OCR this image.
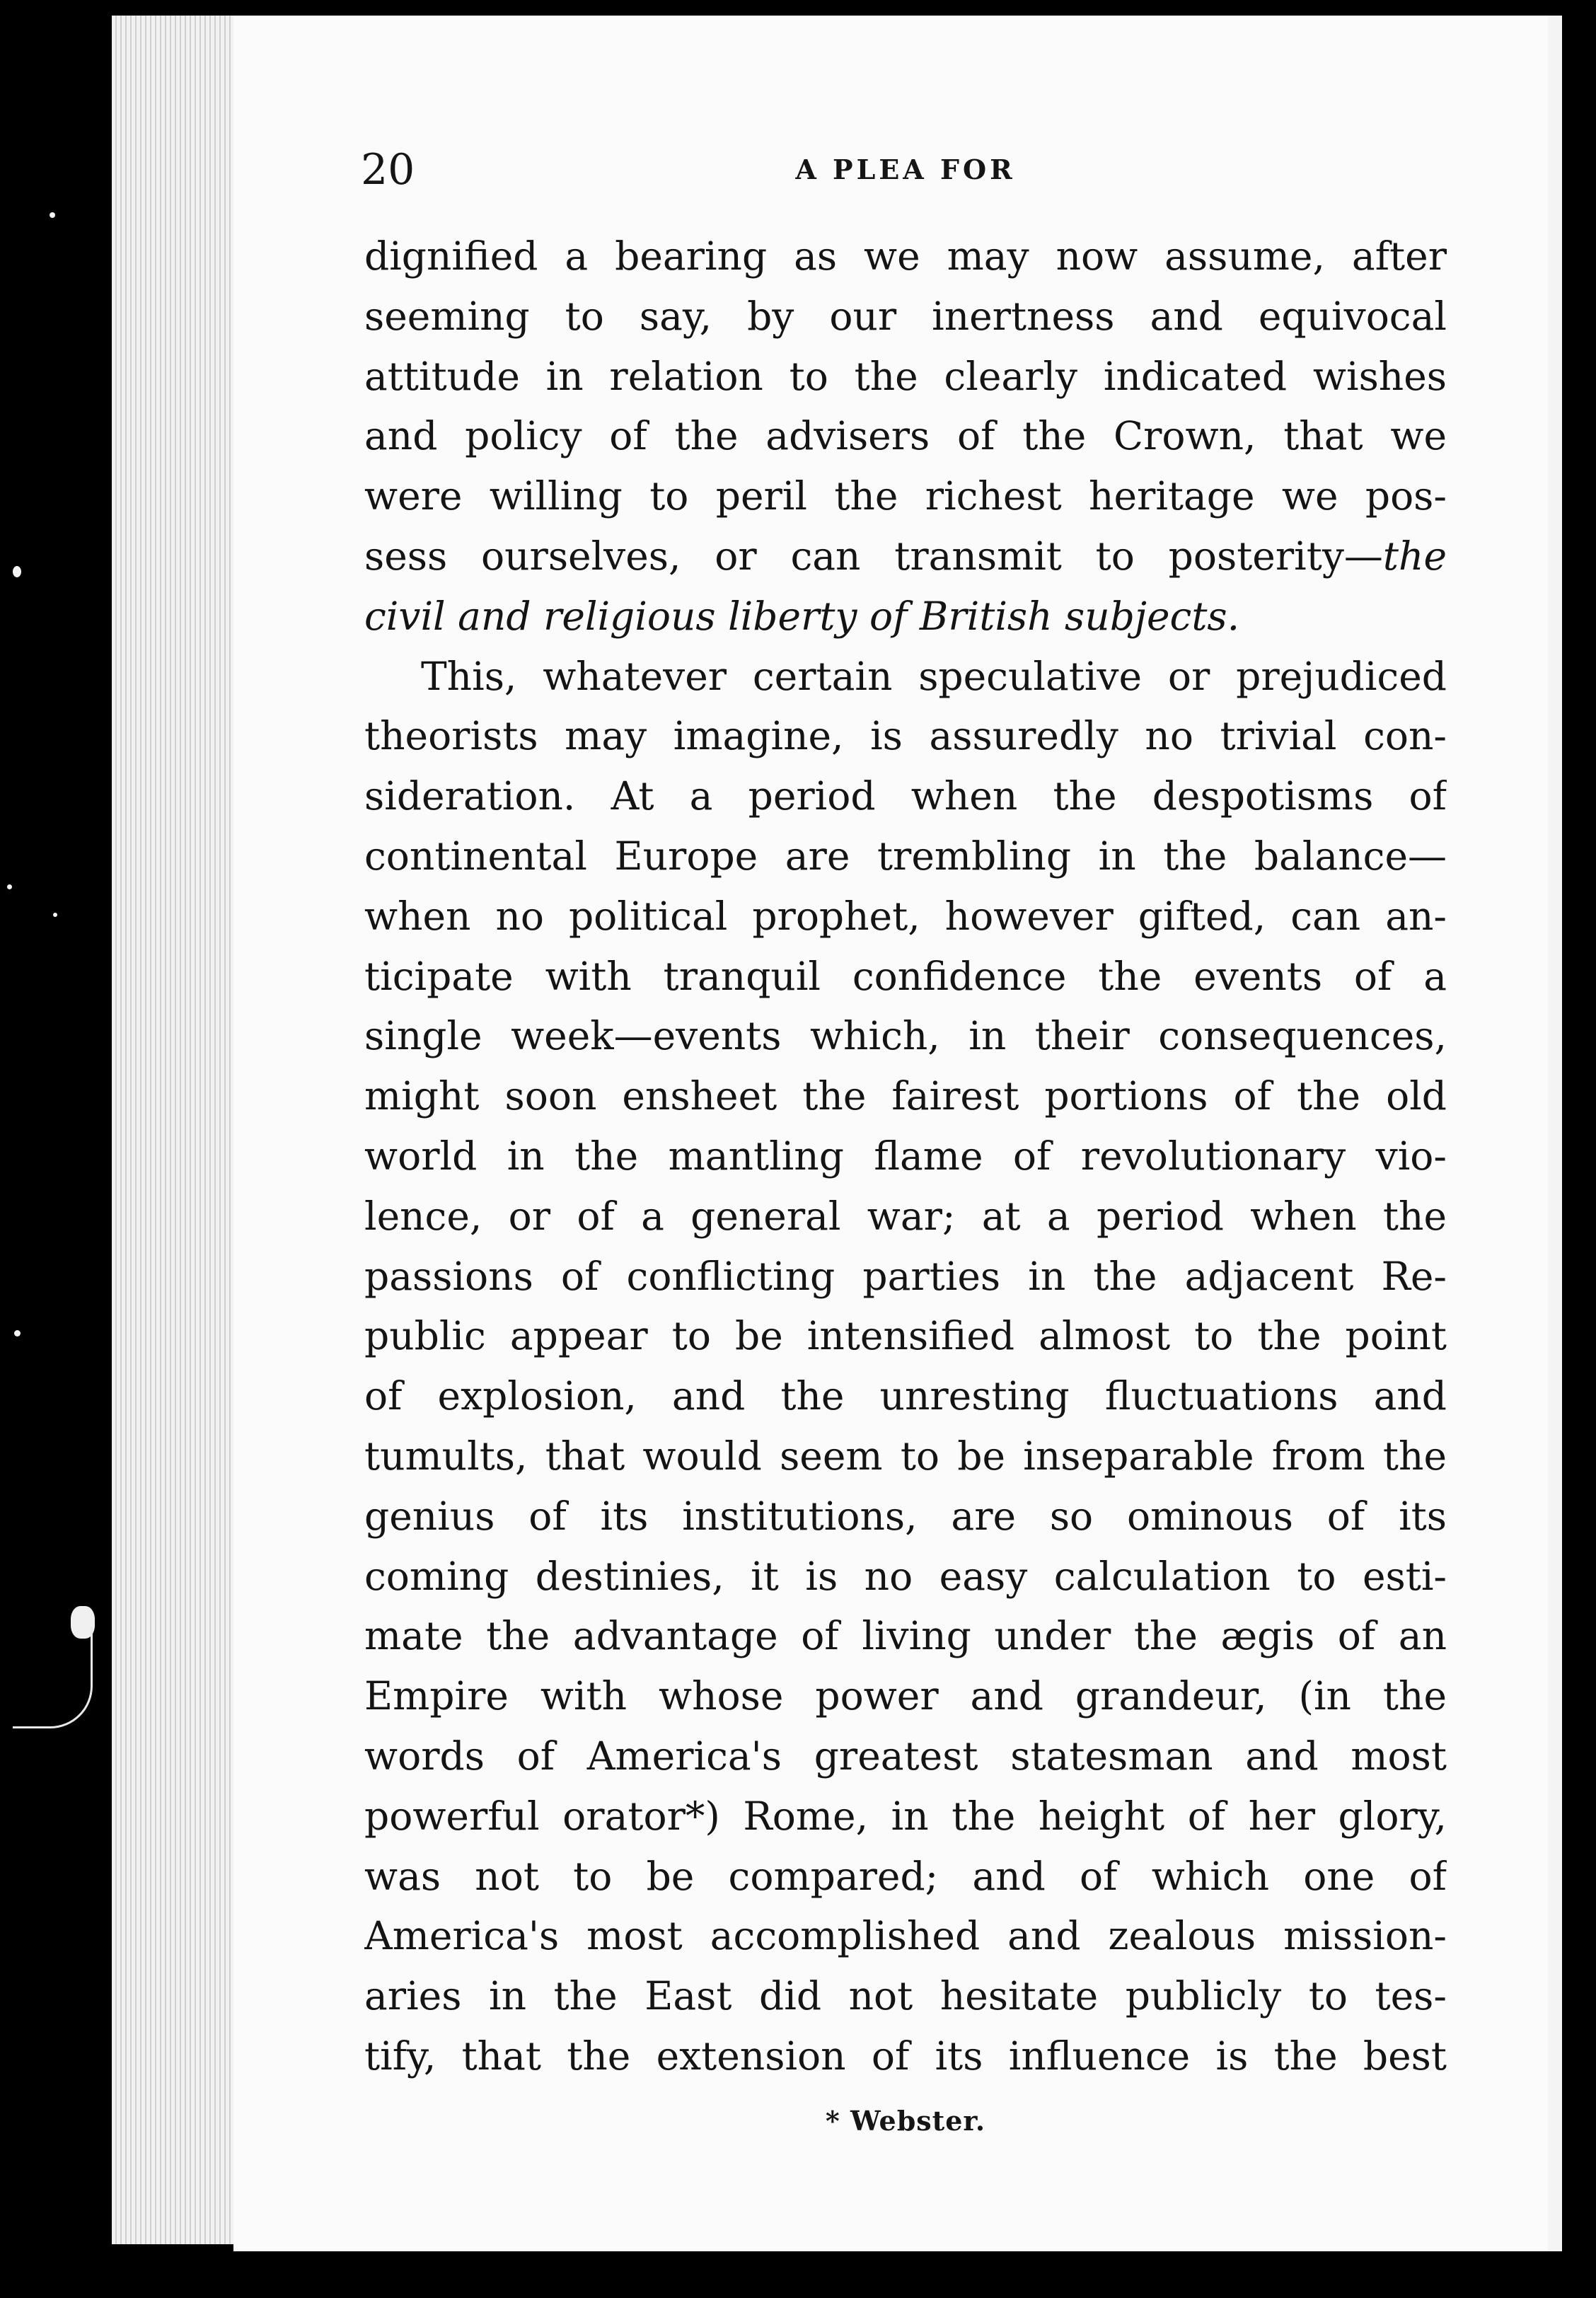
20	A PLEA FOR
dignified a bearing as we may now assume, after
seeming to say, by our inertness and equivocal
attitude in relation to the clearly indicated wishes
and policy of the advisers of the Crown, that we
were willing to peril the richest heritage we pos-
sess ourselves, or can transmit to posterity—the
civil and religious liberty of British subjects.
This, whatever certain speculative or prejudiced
theorists may imagine, is assuredly no trivial con-
sideration. At a period when the despotisms of
continental Europe are trembling in the balance—
when no political prophet, however gifted, can an-
ticipate with tranquil confidence the events of a
single week—events which, in their consequences,
might soon ensheet the fairest portions of the old
world in the mantling flame of revolutionary vio-
lence, or of a general war; at a period when the
passions of conflicting parties in the adjacent Re-
public appear to be intensified almost to the point
of explosion, and the unresting fluctuations and
tumults, that would seem to be inseparable from the
genius of its institutions, are so ominous of its
coming destinies, it is no easy calculation to esti-
mate the advantage of living under the ægis of an
Empire with whose power and grandeur, (in the
words of America's greatest statesman and most
powerful orator*) Rome, in the height of her glory,
was not to be compared; and of which one of
America's most accomplished and zealous mission-
aries in the East did not hesitate publicly to tes-
tify, that the extension of its influence is the best
* Webster.
